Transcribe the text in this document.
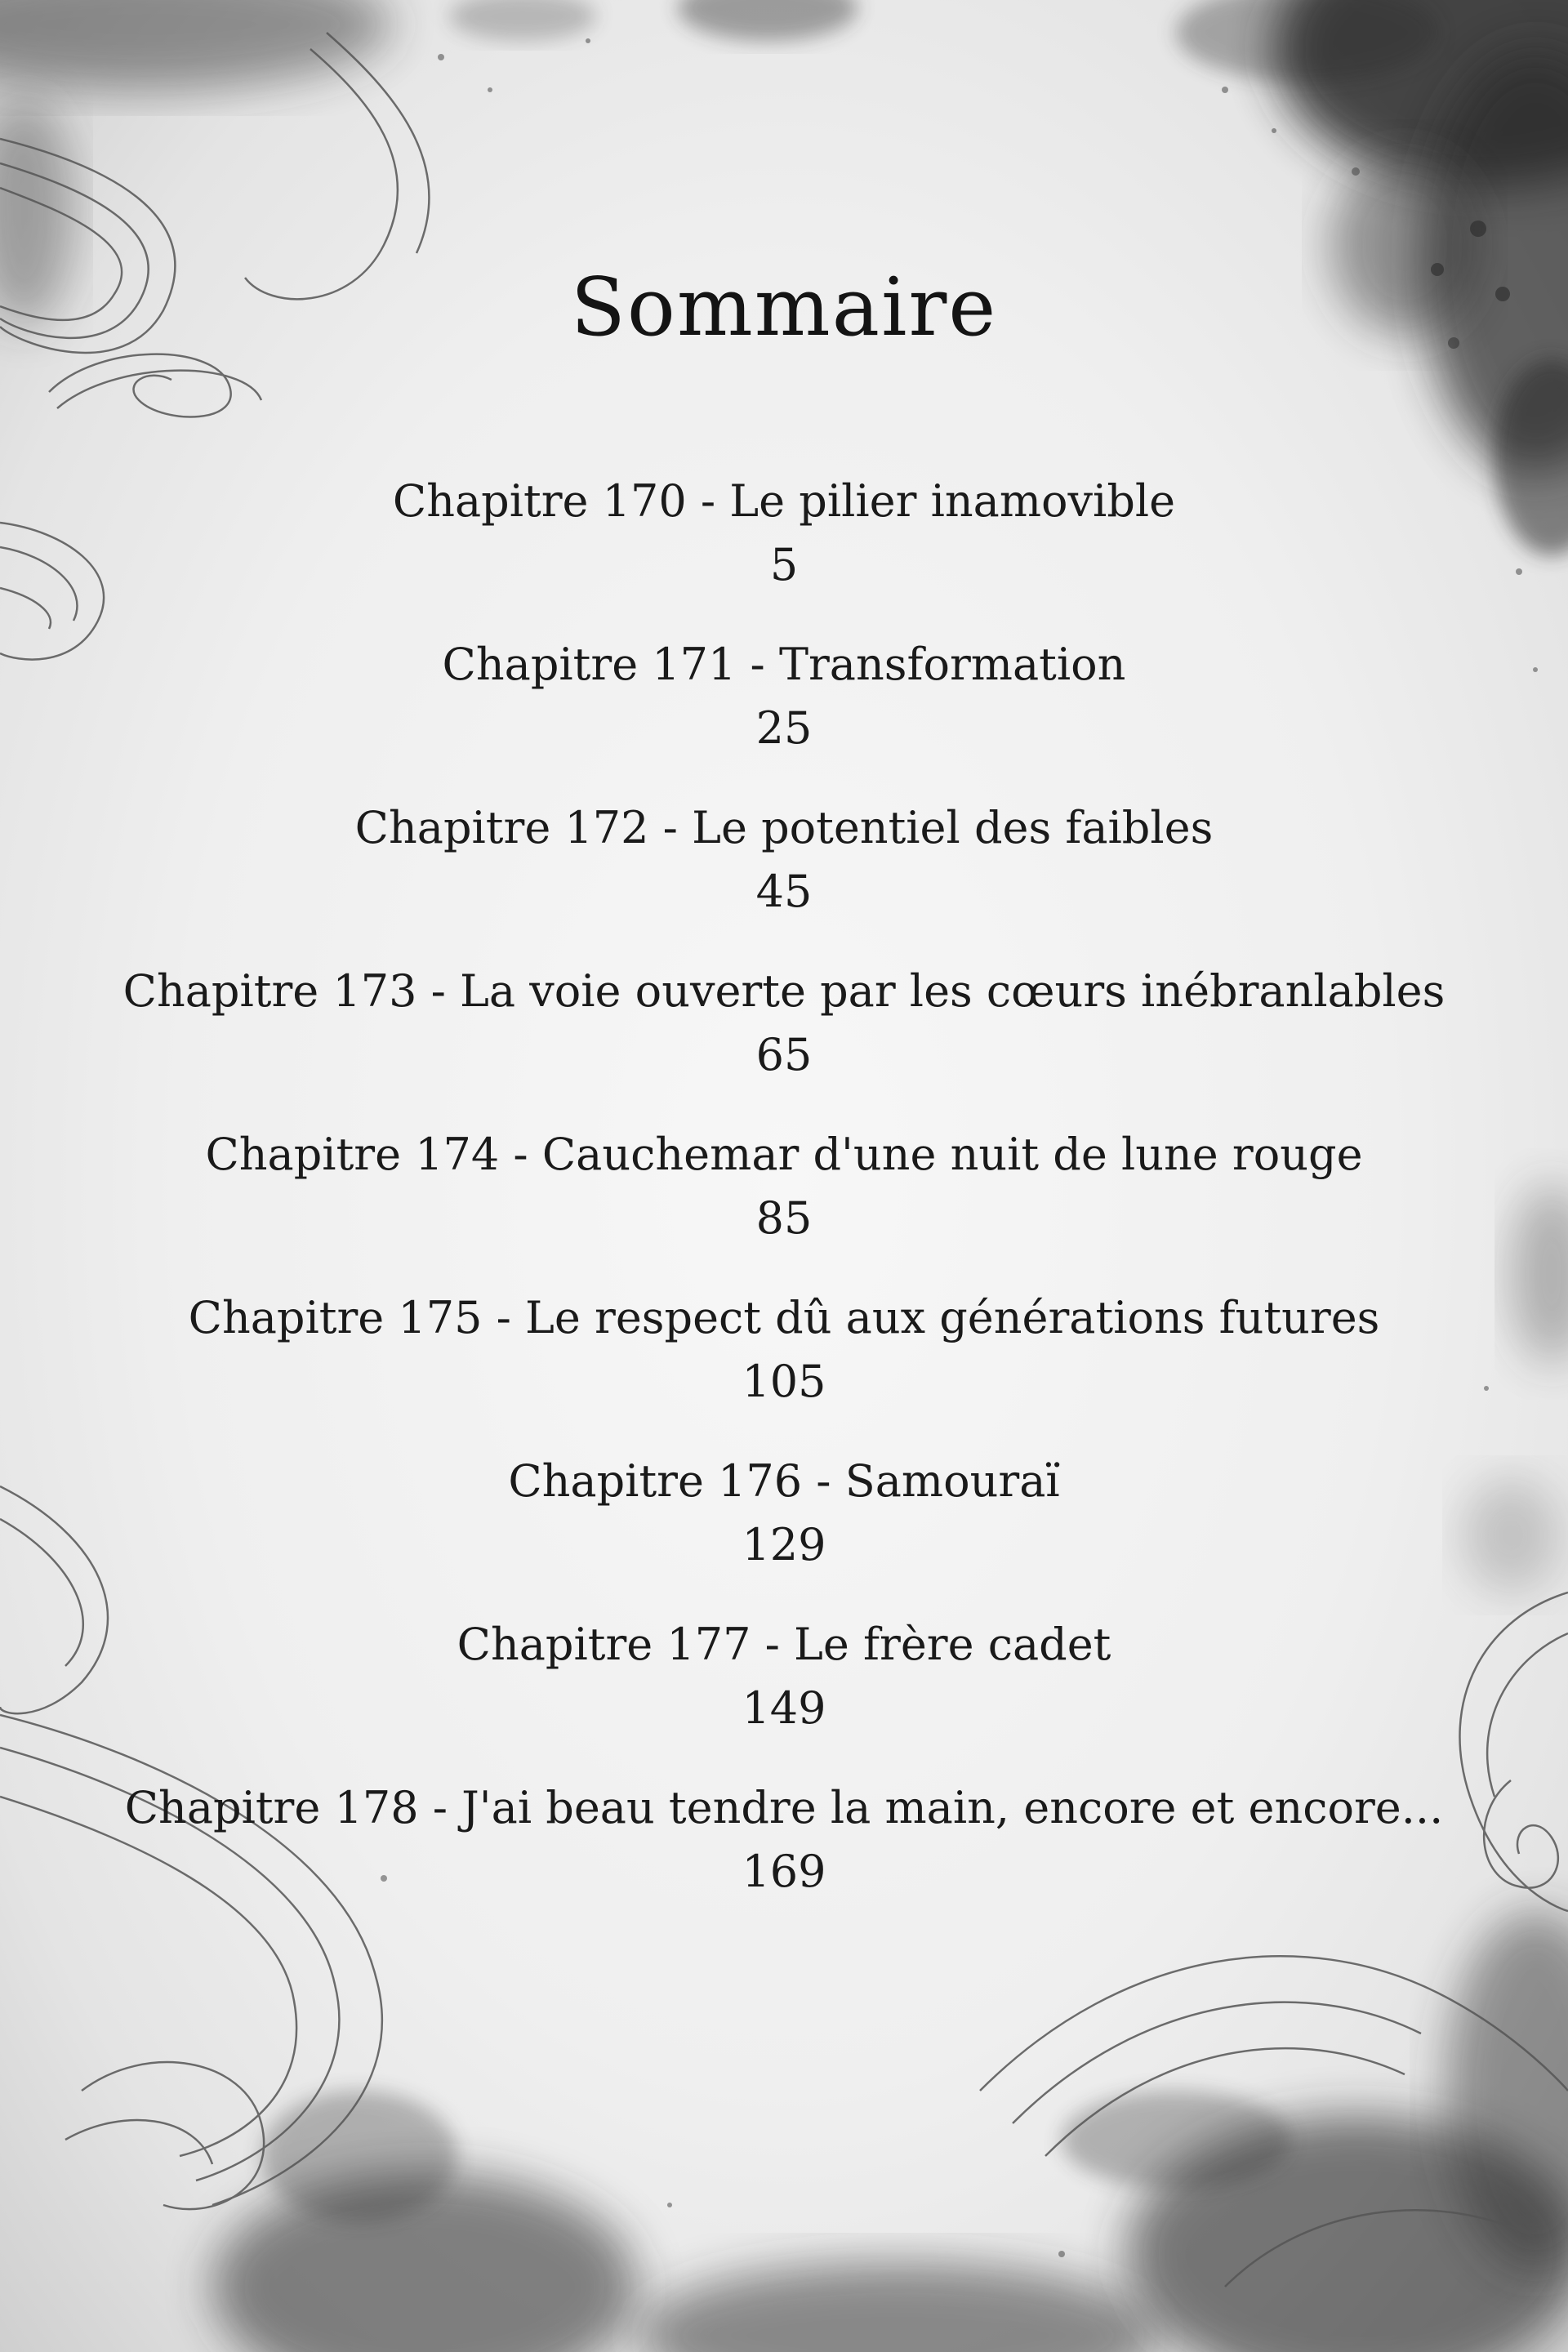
Sommaire
Chapitre 170 - Le pilier inamovible
5
Chapitre 171 - Transformation
25
Chapitre 172 - Le potentiel des faibles
45
Chapitre 173 - La voie ouverte par les cœurs inébranlables
65
Chapitre 174 - Cauchemar d'une nuit de lune rouge
85
Chapitre 175 - Le respect dû aux générations futures
105
Chapitre 176 - Samouraï
129
Chapitre 177 - Le frère cadet
149
Chapitre 178 - J'ai beau tendre la main, encore et encore...
169
